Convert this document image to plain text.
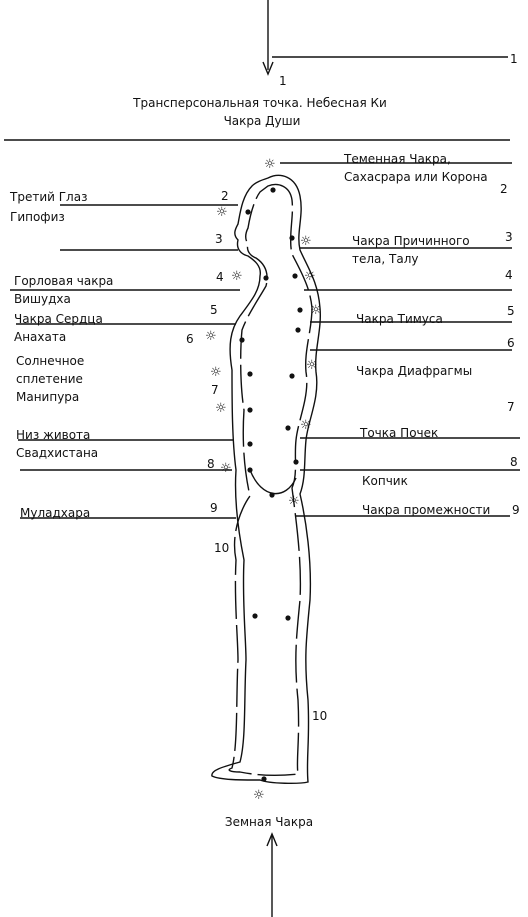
1
1
Трансперсональная точка. Небесная Ки
Чакра Души
Третий Глаз
Гипофиз
Горловая чакра
Вишудха
Чакра Сердца
Анахата
Солнечное
сплетение
Манипура
Низ живота
Свадхистана
Муладхара
Теменная Чакра,
Сахасрара или Корона
Чакра Причинного
тела, Талу
Чакра Тимуса
Чакра Диафрагмы
Точка Почек
Копчик
Чакра промежности
2
3
4
5
6
7
8
9
10
10
2
3
4
5
6
7
8
9
☼
☼
☼
☼	☼
☼
☼
☼
☼
☼
☼
☼
☼
☼
Земная Чакра
